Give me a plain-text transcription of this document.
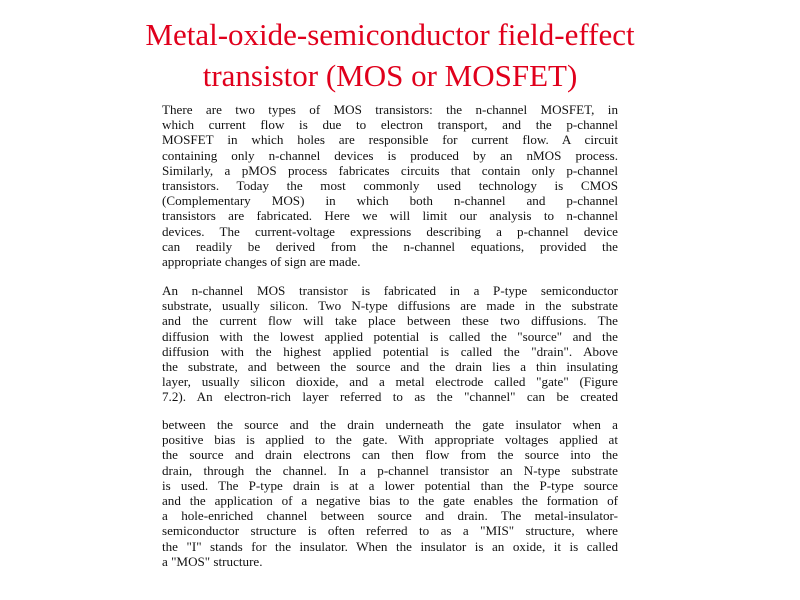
Metal-oxide-semiconductor field-effect
transistor (MOS or MOSFET)
There are two types of MOS transistors: the n-channel MOSFET, in
which current flow is due to electron transport, and the p-channel
MOSFET in which holes are responsible for current flow. A circuit
containing only n-channel devices is produced by an nMOS process.
Similarly, a pMOS process fabricates circuits that contain only p-channel
transistors. Today the most commonly used technology is CMOS
(Complementary MOS) in which both n-channel and p-channel
transistors are fabricated. Here we will limit our analysis to n-channel
devices. The current-voltage expressions describing a p-channel device
can readily be derived from the n-channel equations, provided the
appropriate changes of sign are made.
An n-channel MOS transistor is fabricated in a P-type semiconductor
substrate, usually silicon. Two N-type diffusions are made in the substrate
and the current flow will take place between these two diffusions. The
diffusion with the lowest applied potential is called the "source" and the
diffusion with the highest applied potential is called the "drain". Above
the substrate, and between the source and the drain lies a thin insulating
layer, usually silicon dioxide, and a metal electrode called "gate" (Figure
7.2). An electron-rich layer referred to as the "channel" can be created
between the source and the drain underneath the gate insulator when a
positive bias is applied to the gate. With appropriate voltages applied at
the source and drain electrons can then flow from the source into the
drain, through the channel. In a p-channel transistor an N-type substrate
is used. The P-type drain is at a lower potential than the P-type source
and the application of a negative bias to the gate enables the formation of
a hole-enriched channel between source and drain. The metal-insulator-
semiconductor structure is often referred to as a "MIS" structure, where
the "I" stands for the insulator. When the insulator is an oxide, it is called
a "MOS" structure.
